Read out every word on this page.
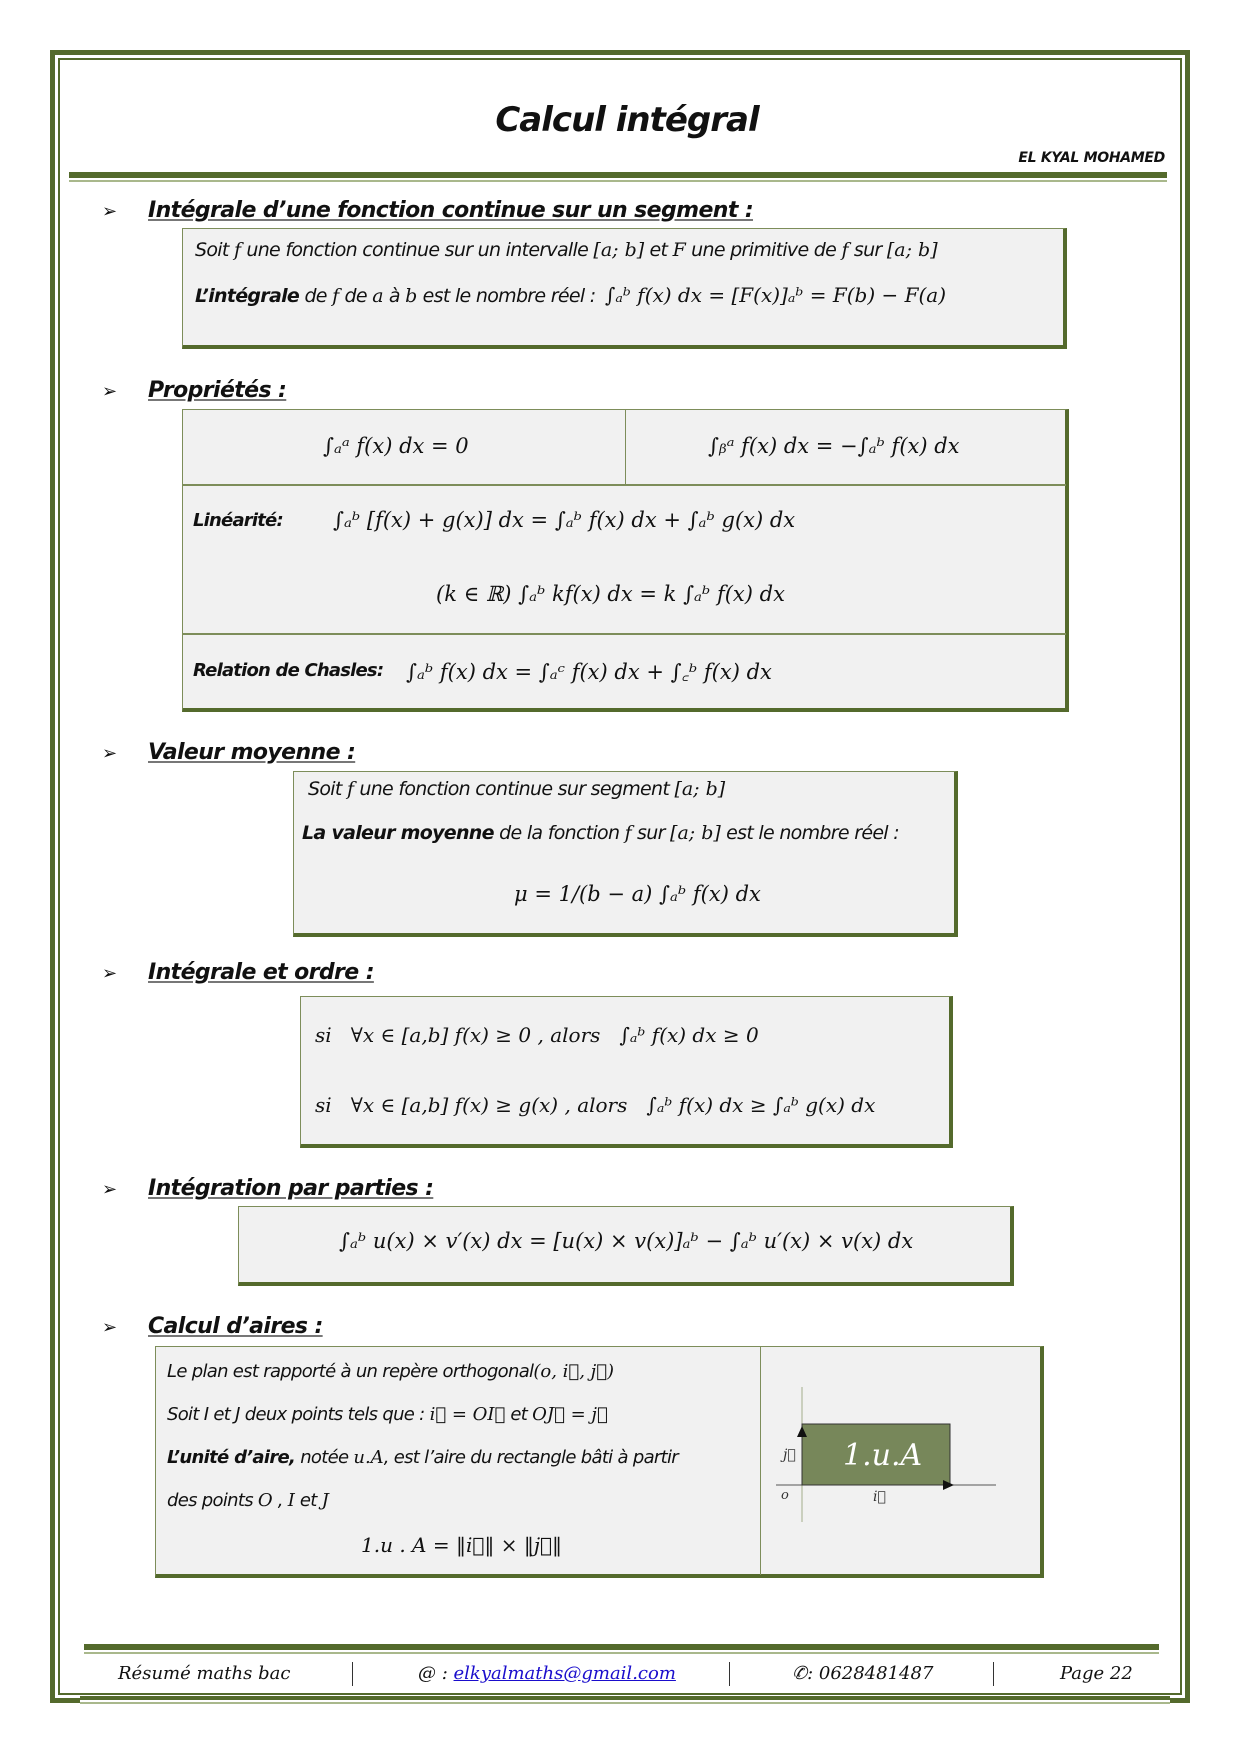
Calcul intégral
EL KYAL MOHAMED
➢ Intégrale d’une fonction continue sur un segment :
Soit f une fonction continue sur un intervalle [a; b] et F une primitive de f sur [a; b]
L’intégrale de f de a à b est le nombre réel : ∫ₐᵇ f(x) dx = [F(x)]ₐᵇ = F(b) − F(a)
➢ Propriétés :
∫ₐᵃ f(x) dx = 0	∫ᵦᵃ f(x) dx = −∫ₐᵇ f(x) dx
Linéarité: ∫ₐᵇ [f(x) + g(x)] dx = ∫ₐᵇ f(x) dx + ∫ₐᵇ g(x) dx
(k ∈ ℝ) ∫ₐᵇ kf(x) dx = k ∫ₐᵇ f(x) dx
Relation de Chasles: ∫ₐᵇ f(x) dx = ∫ₐᶜ f(x) dx + ∫꜀ᵇ f(x) dx
➢ Valeur moyenne :
Soit f une fonction continue sur segment [a; b]
La valeur moyenne de la fonction f sur [a; b] est le nombre réel :
μ = 1/(b − a) ∫ₐᵇ f(x) dx
➢ Intégrale et ordre :
si ∀x ∈ [a,b] f(x) ≥ 0 , alors ∫ₐᵇ f(x) dx ≥ 0
si ∀x ∈ [a,b] f(x) ≥ g(x) , alors ∫ₐᵇ f(x) dx ≥ ∫ₐᵇ g(x) dx
➢ Intégration par parties :
∫ₐᵇ u(x) × v′(x) dx = [u(x) × v(x)]ₐᵇ − ∫ₐᵇ u′(x) × v(x) dx
➢ Calcul d’aires :
Le plan est rapporté à un repère orthogonal(o, i⃗, j⃗)
Soit I et J deux points tels que : i⃗ = OI⃗ et OJ⃗ = j⃗
L’unité d’aire, notée u.A, est l’aire du rectangle bâti à partir
des points O , I et J
1.u . A = ‖i⃗‖ × ‖j⃗‖
1.u.A
o	i⃗
j⃗
Résumé maths bac	@ : elkyalmaths@gmail.com	✆: 0628481487	Page 22
